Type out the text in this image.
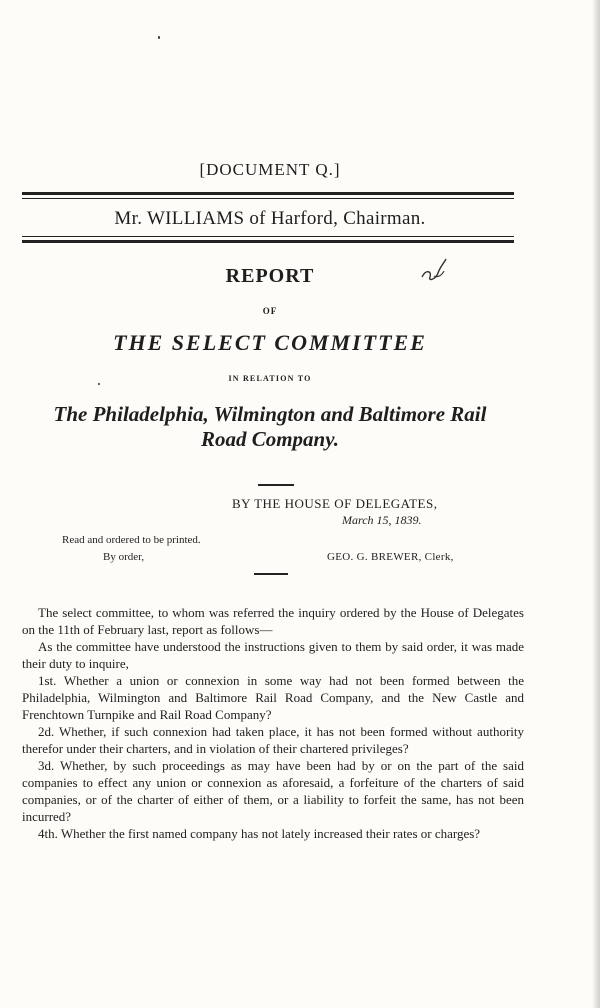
[DOCUMENT Q.]
Mr. WILLIAMS of Harford, Chairman.
REPORT
OF
THE SELECT COMMITTEE
IN RELATION TO
The Philadelphia, Wilmington and Baltimore Rail
Road Company.
BY THE HOUSE OF DELEGATES,
March 15, 1839.
Read and ordered to be printed.
By order,	GEO. G. BREWER, Clerk,

The select committee, to whom was referred the inquiry ordered by the House of Delegates on the 11th of February last, report as follows—

As the committee have understood the instructions given to them by said order, it was made their duty to inquire,

1st. Whether a union or connexion in some way had not been formed between the Philadelphia, Wilmington and Baltimore Rail Road Company, and the New Castle and Frenchtown Turnpike and Rail Road Company?

2d. Whether, if such connexion had taken place, it has not been formed without authority therefor under their charters, and in violation of their chartered privileges?

3d. Whether, by such proceedings as may have been had by or on the part of the said companies to effect any union or connexion as aforesaid, a forfeiture of the charters of said companies, or of the charter of either of them, or a liability to forfeit the same, has not been incurred?

4th. Whether the first named company has not lately increased their rates or charges?
